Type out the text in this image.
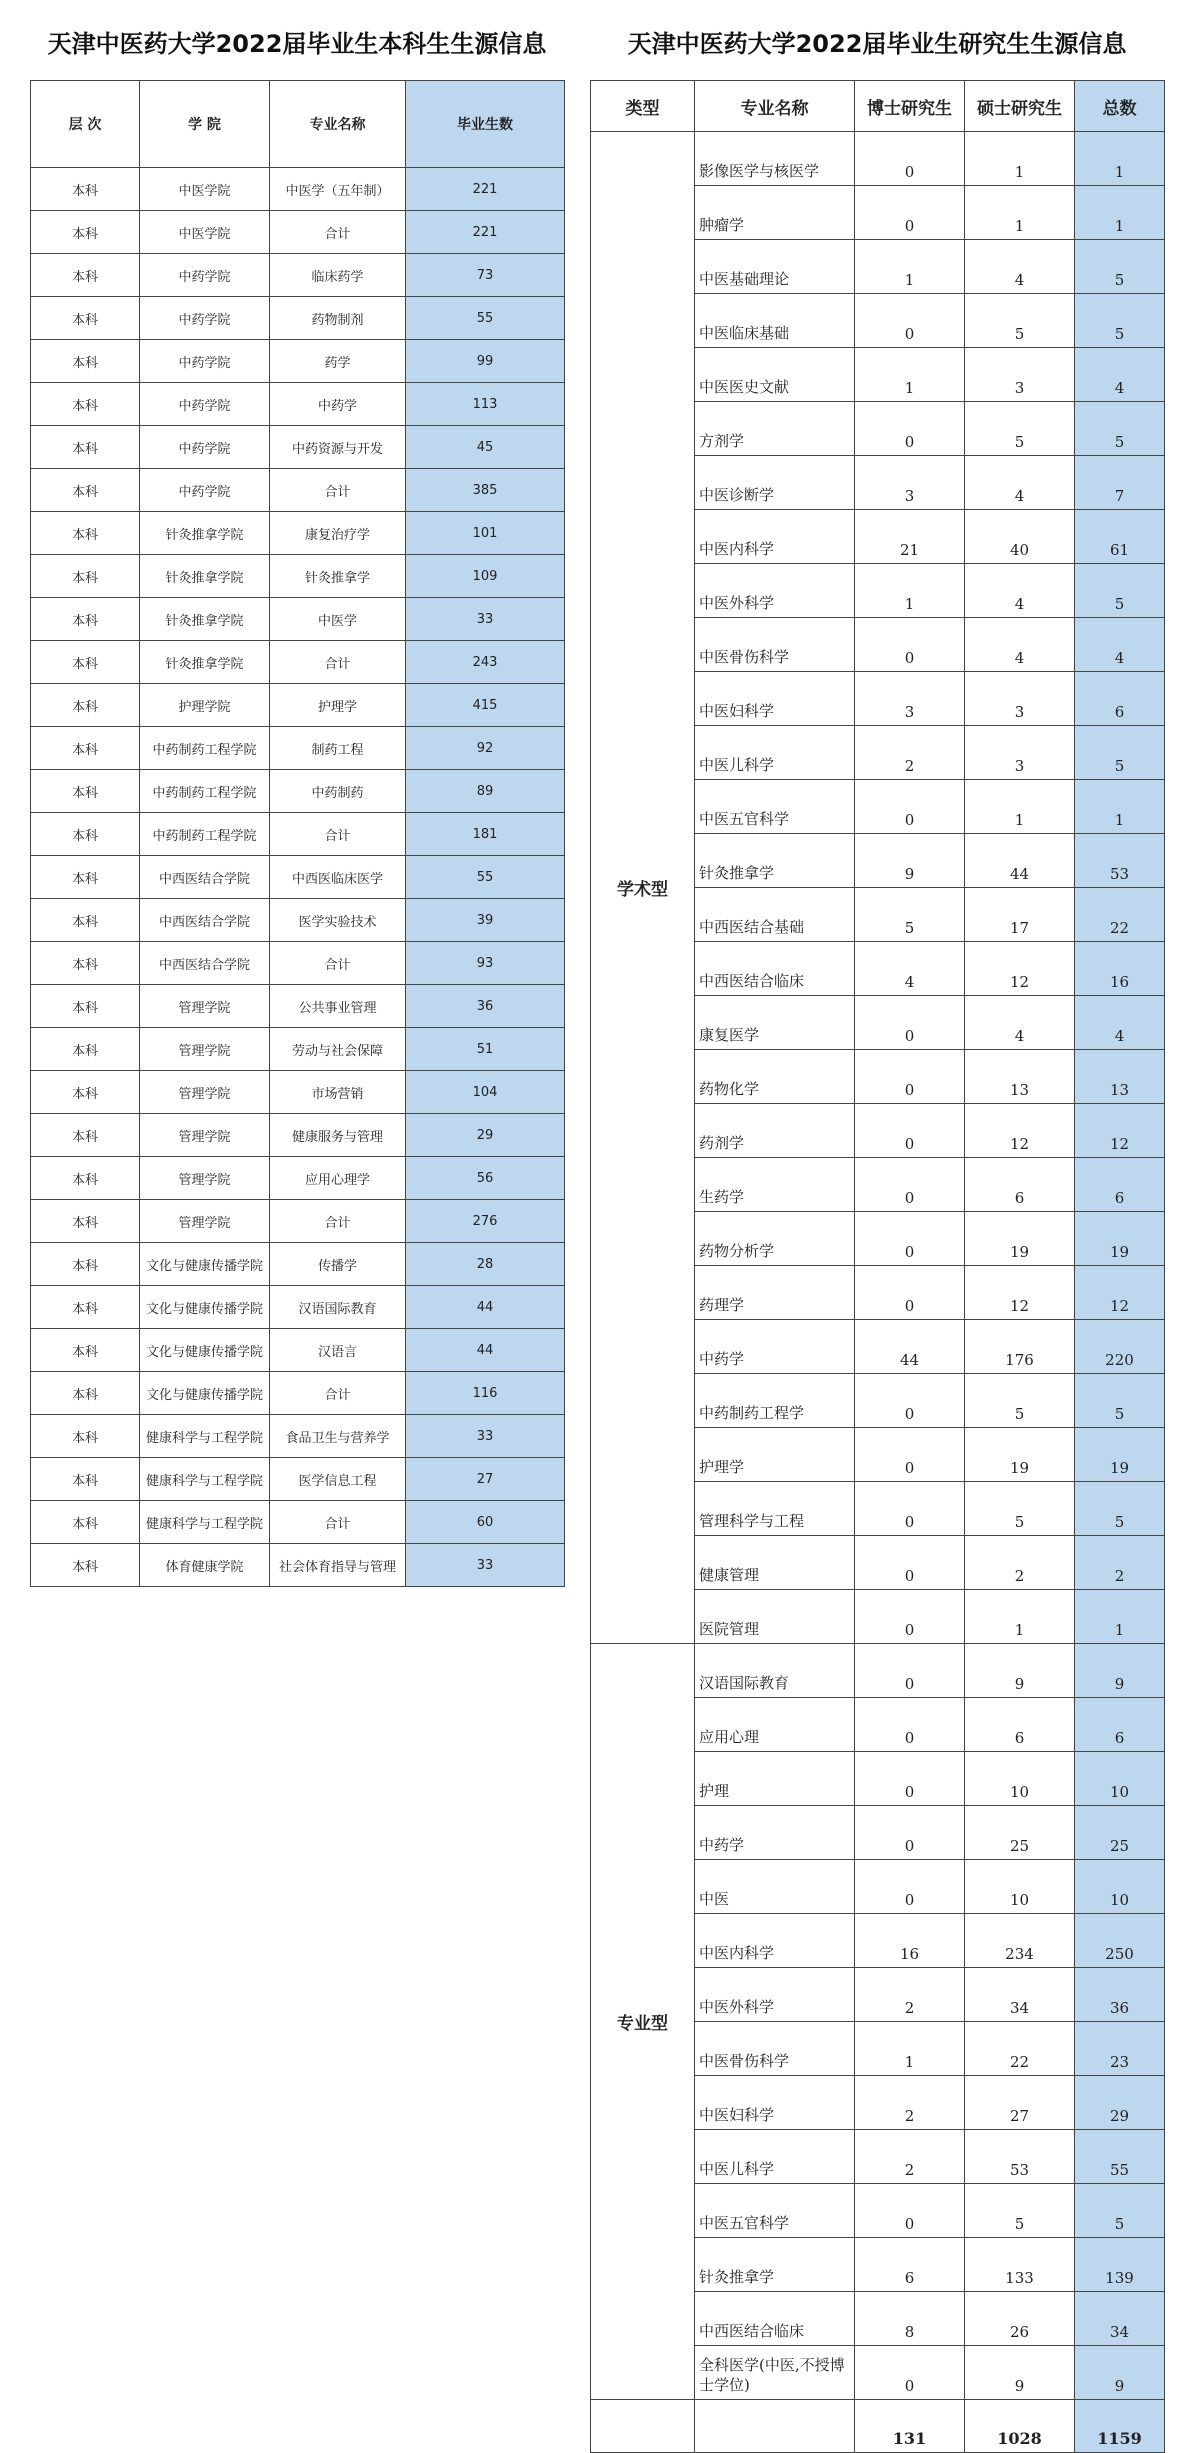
天津中医药大学2022届毕业生本科生生源信息	天津中医药大学2022届毕业生研究生生源信息
层 次	学 院	专业名称	毕业生数
本科	中医学院	中医学（五年制）	221
本科	中医学院	合计	221
本科	中药学院	临床药学	73
本科	中药学院	药物制剂	55
本科	中药学院	药学	99
本科	中药学院	中药学	113
本科	中药学院	中药资源与开发	45
本科	中药学院	合计	385
本科	针灸推拿学院	康复治疗学	101
本科	针灸推拿学院	针灸推拿学	109
本科	针灸推拿学院	中医学	33
本科	针灸推拿学院	合计	243
本科	护理学院	护理学	415
本科	中药制药工程学院	制药工程	92
本科	中药制药工程学院	中药制药	89
本科	中药制药工程学院	合计	181
本科	中西医结合学院	中西医临床医学	55
本科	中西医结合学院	医学实验技术	39
本科	中西医结合学院	合计	93
本科	管理学院	公共事业管理	36
本科	管理学院	劳动与社会保障	51
本科	管理学院	市场营销	104
本科	管理学院	健康服务与管理	29
本科	管理学院	应用心理学	56
本科	管理学院	合计	276
本科	文化与健康传播学院	传播学	28
本科	文化与健康传播学院	汉语国际教育	44
本科	文化与健康传播学院	汉语言	44
本科	文化与健康传播学院	合计	116
本科	健康科学与工程学院	食品卫生与营养学	33
本科	健康科学与工程学院	医学信息工程	27
本科	健康科学与工程学院	合计	60
本科	体育健康学院	社会体育指导与管理	33
类型	专业名称	博士研究生	硕士研究生	总数
学术型	影像医学与核医学	0	1	1
	肿瘤学	0	1	1
	中医基础理论	1	4	5
	中医临床基础	0	5	5
	中医医史文献	1	3	4
	方剂学	0	5	5
	中医诊断学	3	4	7
	中医内科学	21	40	61
	中医外科学	1	4	5
	中医骨伤科学	0	4	4
	中医妇科学	3	3	6
	中医儿科学	2	3	5
	中医五官科学	0	1	1
	针灸推拿学	9	44	53
	中西医结合基础	5	17	22
	中西医结合临床	4	12	16
	康复医学	0	4	4
	药物化学	0	13	13
	药剂学	0	12	12
	生药学	0	6	6
	药物分析学	0	19	19
	药理学	0	12	12
	中药学	44	176	220
	中药制药工程学	0	5	5
	护理学	0	19	19
	管理科学与工程	0	5	5
	健康管理	0	2	2
	医院管理	0	1	1
专业型	汉语国际教育	0	9	9
	应用心理	0	6	6
	护理	0	10	10
	中药学	0	25	25
	中医	0	10	10
	中医内科学	16	234	250
	中医外科学	2	34	36
	中医骨伤科学	1	22	23
	中医妇科学	2	27	29
	中医儿科学	2	53	55
	中医五官科学	0	5	5
	针灸推拿学	6	133	139
	中西医结合临床	8	26	34
	全科医学(中医,不授博士学位)	0	9	9
		131	1028	1159
